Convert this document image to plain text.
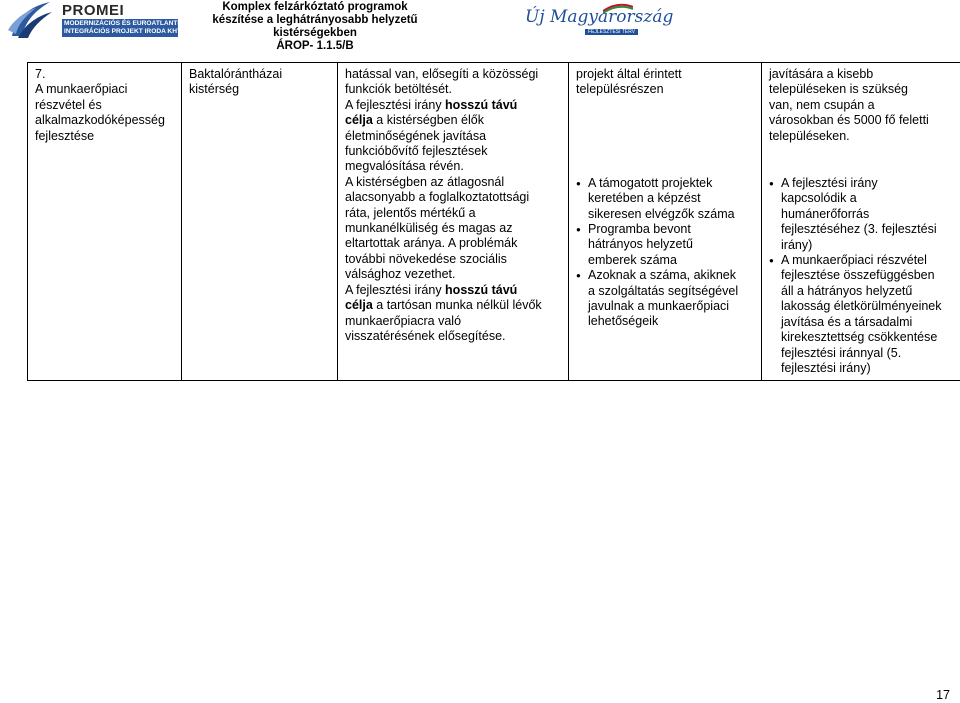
PROMEI
MODERNIZÁCIÓS ÉS EUROATLANTI
INTEGRÁCIÓS PROJEKT IRODA KHT.
Komplex felzárkóztató programok
készítése a leghátrányosabb helyzetű
kistérségekben
ÁROP- 1.1.5/B
Új Magyarország
FEJLESZTÉSI TERV
7.A munkaerőpiaci
részvétel és
alkalmazkodóképesség
fejlesztése	Baktalórántházai
kistérség	hatással van, elősegíti a közösségi
funkciók betöltését.
A fejlesztési irány hosszú távú
célja a kistérségben élők
életminőségének javítása
funkcióbővítő fejlesztések
megvalósítása révén.
A kistérségben az átlagosnál
alacsonyabb a foglalkoztatottsági
ráta, jelentős mértékű a
munkanélküliség és magas az
eltartottak aránya. A problémák
további növekedése szociális
válsághoz vezethet.
A fejlesztési irány hosszú távú
célja a tartósan munka nélkül lévők
munkaerőpiacra való
visszatérésének elősegítése.	projekt által érintett
településrészen
● A támogatott projektek
keretében a képzést
sikeresen elvégzők száma
● Programba bevont
hátrányos helyzetű
emberek száma
● Azoknak a száma, akiknek
a szolgáltatás segítségével
javulnak a munkaerőpiaci
lehetőségeik
	javítására a kisebb
településeken is szükség
van, nem csupán a
városokban és 5000 fő feletti
településeken.
● A fejlesztési irány
kapcsolódik a
humánerőforrás
fejlesztéséhez (3. fejlesztési
irány)
● A munkaerőpiaci részvétel
fejlesztése összefüggésben
áll a hátrányos helyzetű
lakosság életkörülményeinek
javítása és a társadalmi
kirekesztettség csökkentése
fejlesztési iránnyal (5.
fejlesztési irány)
17
